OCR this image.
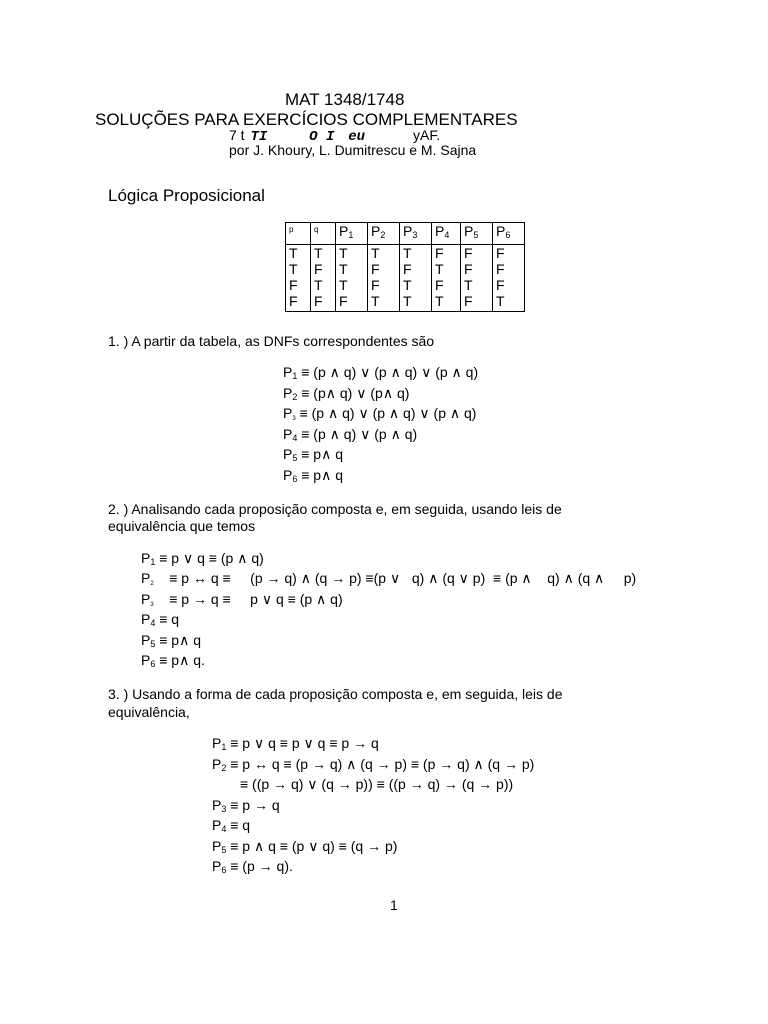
MAT 1348/1748
SOLUÇÕES PARA EXERCÍCIOS COMPLEMENTARES
7 t TI	O I eu	yAF.
por J. Khoury, L. Dumitrescu e M. Sajna
Lógica Proposicional
p	q	$P_1$	$P_2$	$P_3$	$P_4$	$P_5$	$P_6$
T	T	T	T	T	F	F	F
T	F	T	F	F	T	F	F
F	T	T	F	T	F	T	F
F	F	F	T	T	T	F	T
1. ) A partir da tabela, as DNFs correspondentes são
$P_1 \equiv (p$ ∧ q) ∨ (p ∧ q) ∨ (p ∧ q)
$P_2$ ≡ (p∧ q) ∨ (p∧ q)
$P_3 \equiv (p$ ∧ q) ∨ (p ∧ q) ∨ (p ∧ q)
$P_4 \equiv (p$ ∧ q) ∨ (p ∧ q)
$P_5$ ≡ p∧ q
$P_6$ ≡ p∧ q
2. ) Analisando cada proposição composta e, em seguida, usando leis de
equivalência que temos
$P_1 \equiv p$ ∨ q ≡ (p ∧ q)
$P_2$    ≡ p ↔ q ≡     (p → q) ∧ (q → p) ≡(p ∨   q) ∧ (q ∨ p)  ≡ (p ∧    q) ∧ (q ∧     p)
$P_3$    ≡ p → q ≡     p ∨ q ≡ (p ∧ q)
$P_4 \equiv q$
$P_5$ ≡ p∧ q
$P_6$ ≡ p∧ q.
3. ) Usando a forma de cada proposição composta e, em seguida, leis de
equivalência,
$P_1 \equiv p$ ∨ q ≡ p ∨ q ≡ p → q
$P_2 \equiv p$ ↔ q ≡ (p → q) ∧ (q → p) ≡ (p → q) ∧ (q → p)
≡ ((p → q) ∨ (q → p)) ≡ ((p → q) → (q → p))
$P_3 \equiv p \to q$
$P_4 \equiv q$
$P_5 \equiv p$ ∧ q ≡ (p ∨ q) ≡ (q → p)
$P_6 \equiv (p \to q)$.
1
